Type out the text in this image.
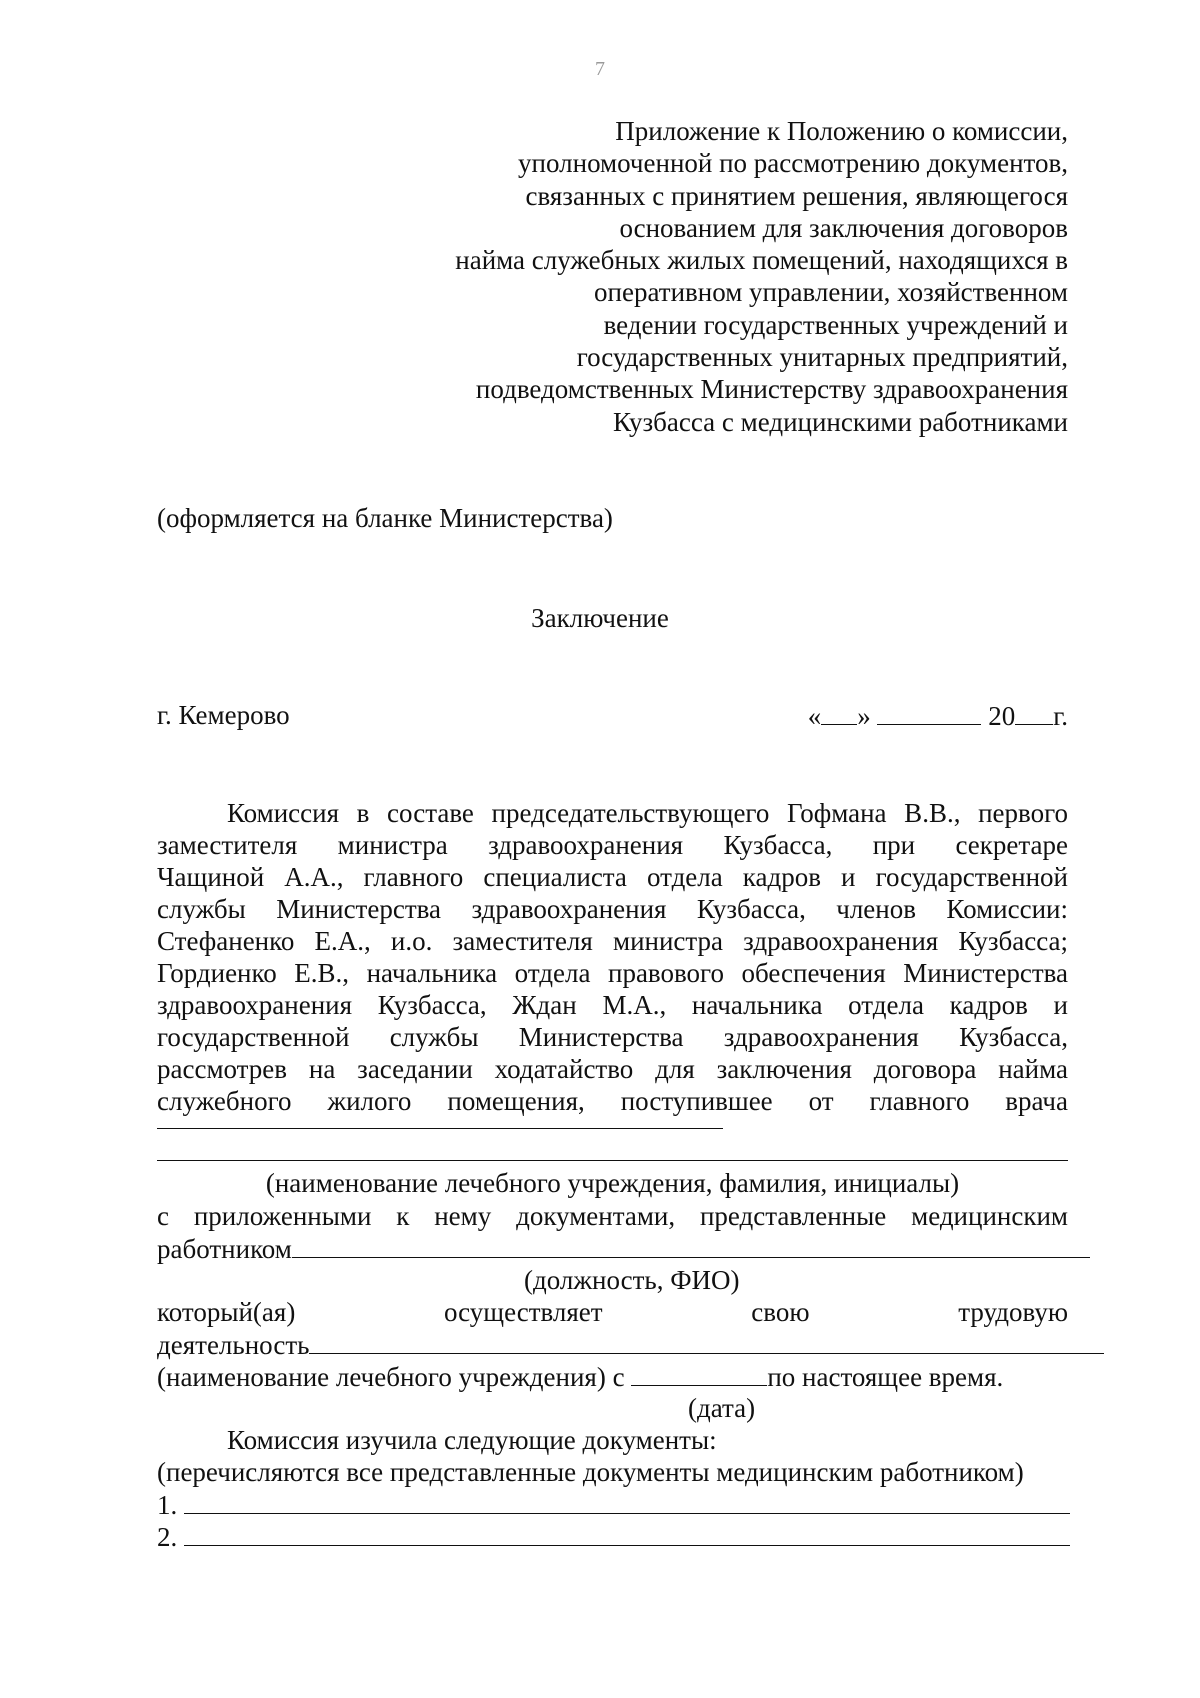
7
Приложение к Положению о комиссии,
уполномоченной по рассмотрению документов,
связанных с принятием решения, являющегося
основанием для заключения договоров
найма служебных жилых помещений, находящихся в
оперативном управлении, хозяйственном
ведении государственных учреждений и
государственных унитарных предприятий,
подведомственных Министерству здравоохранения
Кузбасса с медицинскими работниками
(оформляется на бланке Министерства)
Заключение
г. Кемерово	« »	20 г.
Комиссия в составе председательствующего Гофмана В.В., первого
заместителя министра здравоохранения Кузбасса, при секретаре
Чащиной А.А., главного специалиста отдела кадров и государственной
службы Министерства здравоохранения Кузбасса, членов Комиссии:
Стефаненко Е.А., и.о. заместителя министра здравоохранения Кузбасса;
Гордиенко Е.В., начальника отдела правового обеспечения Министерства
здравоохранения Кузбасса, Ждан М.А., начальника отдела кадров и
государственной службы Министерства здравоохранения Кузбасса,
рассмотрев на заседании ходатайство для заключения договора найма
служебного жилого помещения, поступившее от главного врача
(наименование лечебного учреждения, фамилия, инициалы)
с приложенными к нему документами, представленные медицинским
работником
(должность, ФИО)
который(ая) осуществляет свою трудовую
деятельность
(наименование лечебного учреждения) с	по настоящее время.
(дата)
Комиссия изучила следующие документы:
(перечисляются все представленные документы медицинским работником)
1.
2.
